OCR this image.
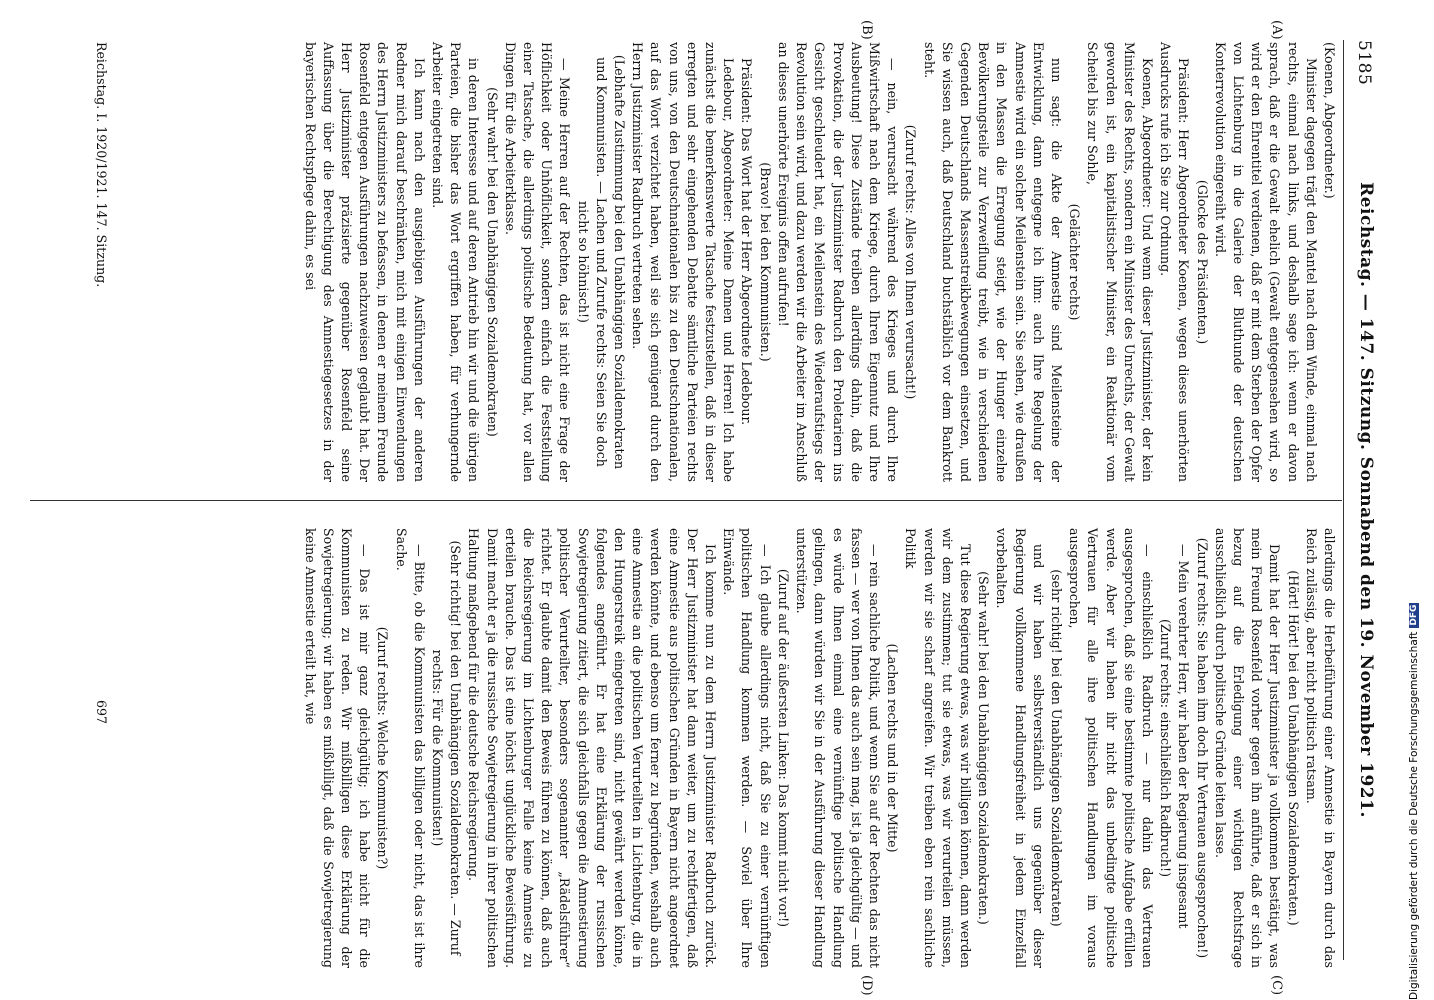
5185
Reichstag. — 147. Sitzung. Sonnabend den 19. November 1921.
(A)
(B)
(C)
(D)

(Koenen, Abgeordneter.)

Minister dagegen trägt den Mantel nach dem Winde, einmal nach rechts, einmal nach links, und deshalb sage ich: wenn er davon sprach, daß er die Gewalt ehelich (Gewalt entgegensehen wird, so wird er den Ehrentitel verdienen, daß er mit dem Sterben der Opfer von Lichtenburg in die Galerie der Bluthunde der deutschen Konterrevolution eingereiht wird.

(Glocke des Präsidenten.)

Präsident: Herr Abgeordneter Koenen, wegen dieses unerhörten Ausdrucks rufe ich Sie zur Ordnung.

Koenen, Abgeordneter: Und wenn dieser Justizminister, der kein Minister des Rechts, sondern ein Minister des Unrechts, der Gewalt geworden ist, ein kapitalistischer Minister, ein Reaktionär vom Scheitel bis zur Sohle,

(Gelächter rechts)

nun sagt: die Akte der Amnestie sind Meilensteine der Entwicklung, dann entgegne ich ihm: auch Ihre Regelung der Amnestie wird ein solcher Meilenstein sein. Sie sehen, wie draußen in den Massen die Erregung steigt, wie der Hunger einzelne Bevölkerungsteile zur Verzweiflung treibt, wie in verschiedenen Gegenden Deutschlands Massenstreikbewegungen einsetzen, und Sie wissen auch, daß Deutschland buchstäblich vor dem Bankrott steht.

(Zuruf rechts: Alles von Ihnen verursacht!)

— nein, verursacht während des Krieges und durch Ihre Mißwirtschaft nach dem Kriege, durch Ihren Eigennutz und Ihre Ausbeutung! Diese Zustände treiben allerdings dahin, daß die Provokation, die der Justizminister Radbruch den Proletariern ins Gesicht geschleudert hat, ein Meilenstein des Wiederaufstiegs der Revolution sein wird, und dazu werden wir die Arbeiter im Anschluß an dieses unerhörte Ereignis offen aufrufen!

(Bravo! bei den Kommunisten.)

Präsident: Das Wort hat der Herr Abgeordnete Ledebour.

Ledebour, Abgeordneter: Meine Damen und Herren! Ich habe zunächst die bemerkenswerte Tatsache festzustellen, daß in dieser erregten und sehr eingehenden Debatte sämtliche Parteien rechts von uns, von den Deutschnationalen bis zu den Deutschnationalen, auf das Wort verzichtet haben, weil sie sich genügend durch den Herrn Justizminister Radbruch vertreten sehen.

(Lebhafte Zustimmung bei den Unabhängigen Sozialdemokraten und Kommunisten. — Lachen und Zurufe rechts: Seien Sie doch nicht so höhnisch!)

— Meine Herren auf der Rechten, das ist nicht eine Frage der Höflichkeit oder Unhöflichkeit, sondern einfach die Feststellung einer Tatsache, die allerdings politische Bedeutung hat, vor allen Dingen für die Arbeiterklasse.

(Sehr wahr! bei den Unabhängigen Sozialdemokraten)

in deren Interesse und auf deren Antrieb hin wir und die übrigen Parteien, die bisher das Wort ergriffen haben, für verhungernde Arbeiter eingetreten sind.

Ich kann nach den ausgiebigen Ausführungen der anderen Redner mich darauf beschränken, mich mit einigen Einwendungen des Herrn Justizministers zu befassen, in denen er meinem Freunde Rosenfeld entgegen Ausführungen nachzuweisen geglaubt hat. Der Herr Justizminister präzisierte gegenüber Rosenfeld seine Auffassung über die Berechtigung des Amnestiegesetzes in der bayerischen Rechtspflege dahin, es sei

allerdings die Herbeiführung einer Amnestie in Bayern durch das Reich zulässig, aber nicht politisch ratsam.

(Hört! Hört! bei den Unabhängigen Sozialdemokraten.)

Damit hat der Herr Justizminister ja vollkommen bestätigt, was mein Freund Rosenfeld vorher gegen ihn anführte, daß er sich in bezug auf die Erledigung einer wichtigen Rechtsfrage ausschließlich durch politische Gründe leiten lasse.

(Zuruf rechts: Sie haben ihm doch Ihr Vertrauen ausgesprochen!)

— Mein verehrter Herr, wir haben der Regierung insgesamt

(Zuruf rechts: einschließlich Radbruch!)

— einschließlich Radbruch — nur dahin das Vertrauen ausgesprochen, daß sie eine bestimmte politische Aufgabe erfüllen werde. Aber wir haben ihr nicht das unbedingte politische Vertrauen für alle ihre politischen Handlungen im voraus ausgesprochen,

(sehr richtig! bei den Unabhängigen Sozialdemokraten)

und wir haben selbstverständlich uns gegenüber dieser Regierung vollkommene Handlungsfreiheit in jedem Einzelfall vorbehalten.

(Sehr wahr! bei den Unabhängigen Sozialdemokraten.)

Tut diese Regierung etwas, was wir billigen können, dann werden wir dem zustimmen; tut sie etwas, was wir verurteilen müssen, werden wir sie scharf angreifen. Wir treiben eben rein sachliche Politik

(Lachen rechts und in der Mitte)

— rein sachliche Politik, und wenn Sie auf der Rechten das nicht fassen — wer von Ihnen das auch sein mag, ist ja gleichgültig — und es würde Ihnen einmal eine vernünftige politische Handlung gelingen, dann würden wir Sie in der Ausführung dieser Handlung unterstützen.

(Zuruf auf der äußersten Linken: Das kommt nicht vor!)

— Ich glaube allerdings nicht, daß Sie zu einer vernünftigen politischen Handlung kommen werden. — Soviel über Ihre Einwände.

Ich komme nun zu dem Herrn Justizminister Radbruch zurück. Der Herr Justizminister hat dann weiter, um zu rechtfertigen, daß eine Amnestie aus politischen Gründen in Bayern nicht angeordnet werden könnte, und ebenso um ferner zu begründen, weshalb auch eine Amnestie an die politischen Verurteilten in Lichtenburg, die in den Hungerstreik eingetreten sind, nicht gewährt werden könne, folgendes angeführt. Er hat eine Erklärung der russischen Sowjetregierung zitiert, die sich gleichfalls gegen die Amnestierung politischer Verurteilter, besonders sogenannter „Rädelsführer“ richtet. Er glaubte damit den Beweis führen zu können, daß auch die Reichsregierung im Lichtenburger Falle keine Amnestie zu erteilen brauche. Das ist eine höchst unglückliche Beweisführung. Damit macht er ja die russische Sowjetregierung in ihrer politischen Haltung maßgebend für die deutsche Reichsregierung.

(Sehr richtig! bei den Unabhängigen Sozialdemokraten. — Zuruf rechts: Für die Kommunisten!)

— Bitte, ob die Kommunisten das billigen oder nicht, das ist ihre Sache.

(Zuruf rechts: Welche Kommunisten?)

— Das ist mir ganz gleichgültig; ich habe nicht für die Kommunisten zu reden. Wir mißbilligen diese Erklärung der Sowjetregierung; wir haben es mißbilligt, daß die Sowjetregierung keine Amnestie erteilt hat, wie

Reichstag. I. 1920/1921. 147. Sitzung.
697	Digitalisierung gefördert durch die Deutsche Forschungsgemeinschaft
DFG
